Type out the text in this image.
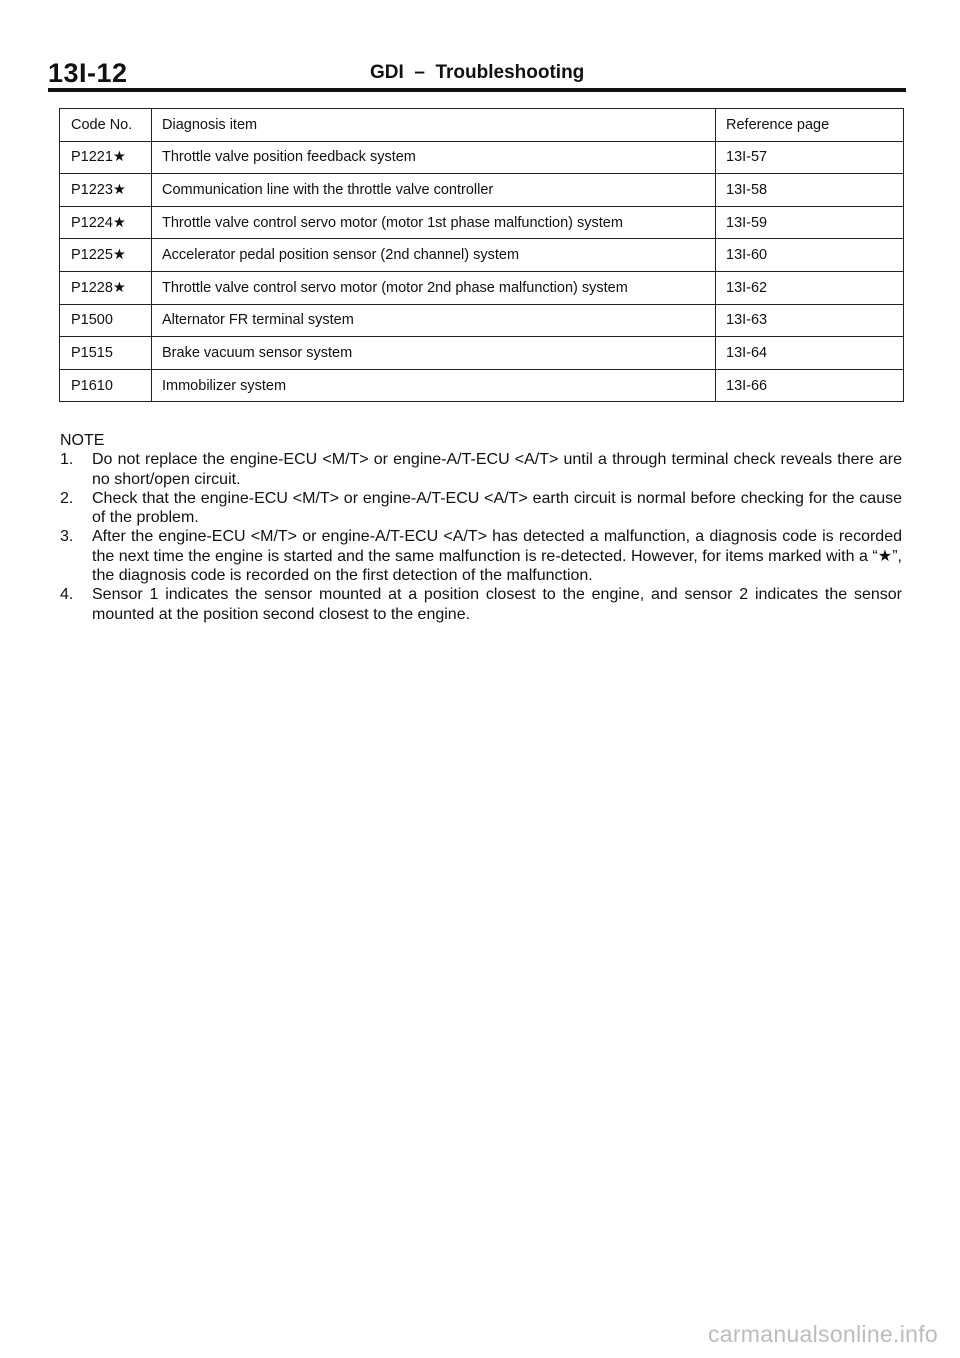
13I-12	GDI  –  Troubleshooting
Code No.	Diagnosis item	Reference page
P1221★	Throttle valve position feedback system	13I-57
P1223★	Communication line with the throttle valve controller	13I-58
P1224★	Throttle valve control servo motor (motor 1st phase malfunction) system	13I-59
P1225★	Accelerator pedal position sensor (2nd channel) system	13I-60
P1228★	Throttle valve control servo motor (motor 2nd phase malfunction) system	13I-62
P1500	Alternator FR terminal system	13I-63
P1515	Brake vacuum sensor system	13I-64
P1610	Immobilizer system	13I-66
NOTE
1. Do not replace the engine-ECU <M/T> or engine-A/T-ECU <A/T> until a through terminal check reveals there are no short/open circuit.
2. Check that the engine-ECU <M/T> or engine-A/T-ECU <A/T> earth circuit is normal before checking for the cause of the problem.
3. After the engine-ECU <M/T> or engine-A/T-ECU <A/T> has detected a malfunction, a diagnosis code is recorded the next time the engine is started and the same malfunction is re-detected. However, for items marked with a “★”, the diagnosis code is recorded on the first detection of the malfunction.
4. Sensor 1 indicates the sensor mounted at a position closest to the engine, and sensor 2 indicates the sensor mounted at the position second closest to the engine.
carmanualsonline.info
